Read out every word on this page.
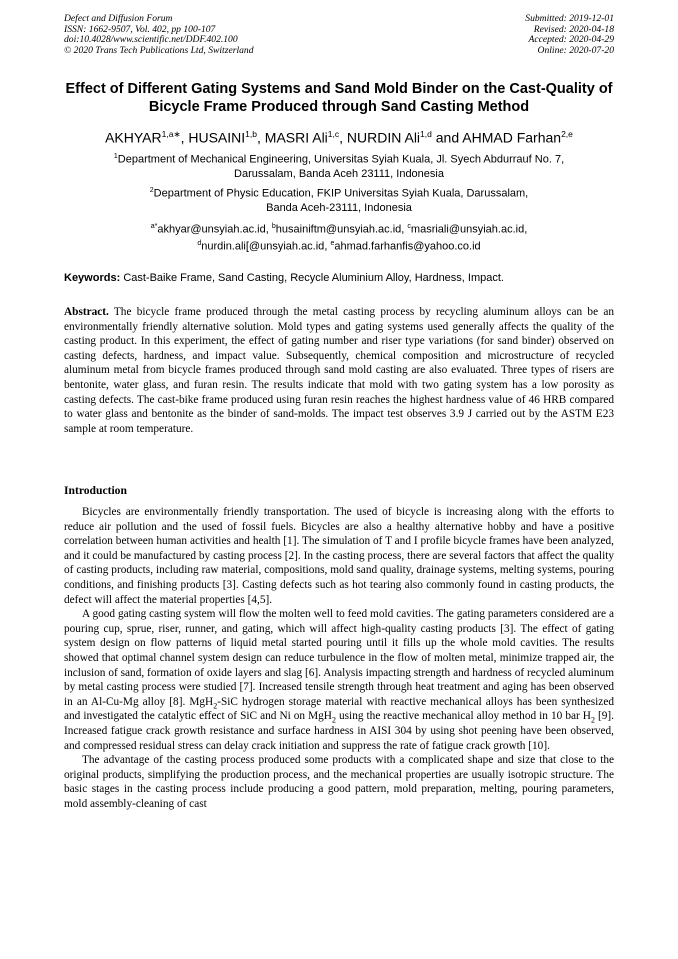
Defect and Diffusion Forum
ISSN: 1662-9507, Vol. 402, pp 100-107
doi:10.4028/www.scientific.net/DDF.402.100
© 2020 Trans Tech Publications Ltd, Switzerland
Submitted: 2019-12-01
Revised: 2020-04-18
Accepted: 2020-04-29
Online: 2020-07-20
Effect of Different Gating Systems and Sand Mold Binder on the Cast-Quality of Bicycle Frame Produced through Sand Casting Method
$AKHYAR^{1,a∗}$, HUSAINI$^{1,b}$, MASRI Ali$^{1,c}$, NURDIN Ali$^{1,d}$ and AHMAD Farhan$^{2,e}$
$^1$Department of Mechanical Engineering, Universitas Syiah Kuala, Jl. Syech Abdurrauf No. 7,
Darussalam, Banda Aceh 23111, Indonesia
$^2$Department of Physic Education, FKIP Universitas Syiah Kuala, Darussalam,
Banda Aceh-23111, Indonesia
$^{a*}$akhyar@unsyiah.ac.id, $^b$husainiftm@unsyiah.ac.id, $^c$masriali@unsyiah.ac.id,
$^d$nurdin.ali[@unsyiah.ac.id, $^e$ahmad.farhanfis@yahoo.co.id
Keywords: Cast-Baike Frame, Sand Casting, Recycle Aluminium Alloy, Hardness, Impact.
Abstract. The bicycle frame produced through the metal casting process by recycling aluminum alloys can be an environmentally friendly alternative solution. Mold types and gating systems used generally affects the quality of the casting product. In this experiment, the effect of gating number and riser type variations (for sand binder) observed on casting defects, hardness, and impact value. Subsequently, chemical composition and microstructure of recycled aluminum metal from bicycle frames produced through sand mold casting are also evaluated. Three types of risers are bentonite, water glass, and furan resin. The results indicate that mold with two gating system has a low porosity as casting defects. The cast-bike frame produced using furan resin reaches the highest hardness value of 46 HRB compared to water glass and bentonite as the binder of sand-molds. The impact test observes 3.9 J carried out by the ASTM E23 sample at room temperature.
Introduction

Bicycles are environmentally friendly transportation. The used of bicycle is increasing along with the efforts to reduce air pollution and the used of fossil fuels. Bicycles are also a healthy alternative hobby and have a positive correlation between human activities and health [1]. The simulation of T and I profile bicycle frames have been analyzed, and it could be manufactured by casting process [2]. In the casting process, there are several factors that affect the quality of casting products, including raw material, compositions, mold sand quality, drainage systems, melting systems, pouring conditions, and finishing products [3]. Casting defects such as hot tearing also commonly found in casting products, the defect will affect the material properties [4,5].

A good gating casting system will flow the molten well to feed mold cavities. The gating parameters considered are a pouring cup, sprue, riser, runner, and gating, which will affect high-quality casting products [3]. The effect of gating system design on flow patterns of liquid metal started pouring until it fills up the whole mold cavities. The results showed that optimal channel system design can reduce turbulence in the flow of molten metal, minimize trapped air, the inclusion of sand, formation of oxide layers and slag [6]. Analysis impacting strength and hardness of recycled aluminum by metal casting process were studied [7]. Increased tensile strength through heat treatment and aging has been observed in an Al-Cu-Mg alloy [8]. MgH$_2$-SiC hydrogen storage material with reactive mechanical alloys has been synthesized and investigated the catalytic effect of SiC and Ni on MgH$_2$ using the reactive mechanical alloy method in 10 bar $H_2$ [9]. Increased fatigue crack growth resistance and surface hardness in AISI 304 by using shot peening have been observed, and compressed residual stress can delay crack initiation and suppress the rate of fatigue crack growth [10].

The advantage of the casting process produced some products with a complicated shape and size that close to the original products, simplifying the production process, and the mechanical properties are usually isotropic structure. The basic stages in the casting process include producing a good pattern, mold preparation, melting, pouring parameters, mold assembly-cleaning of cast
